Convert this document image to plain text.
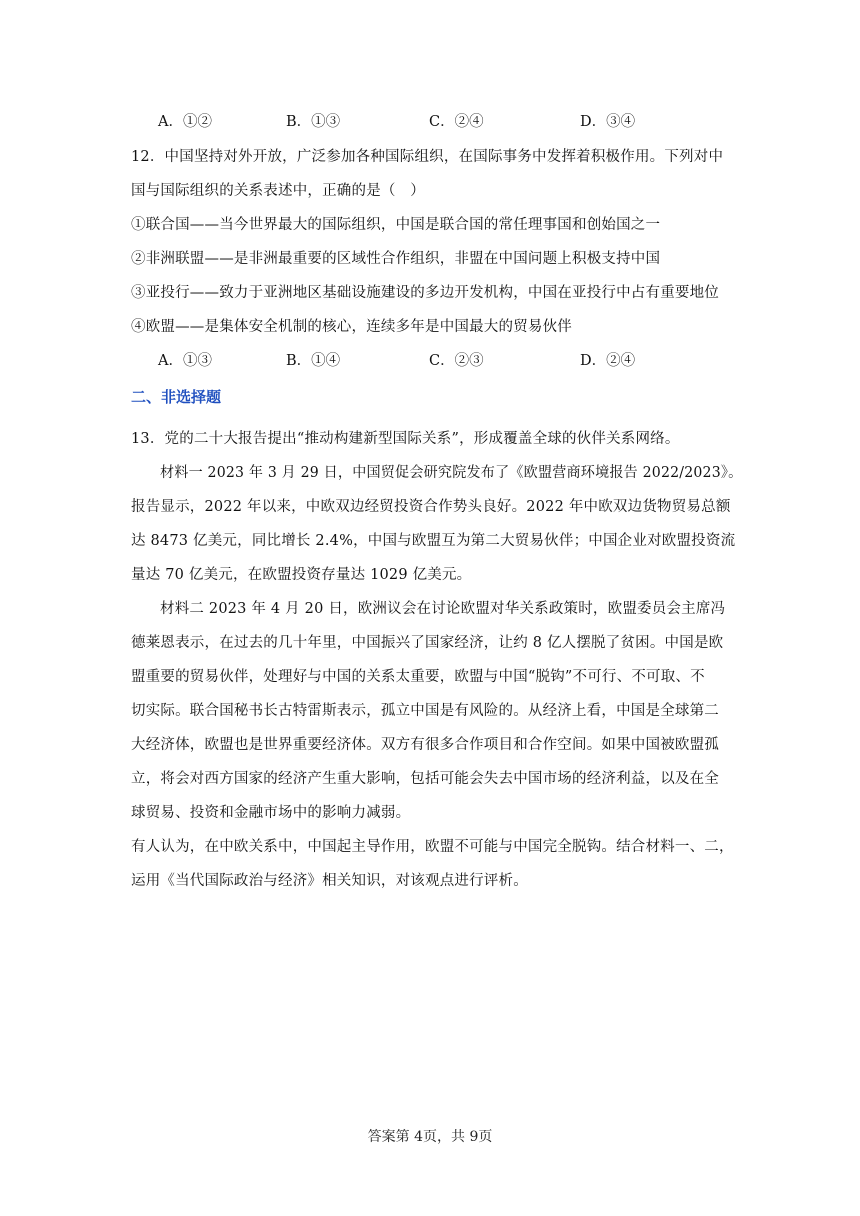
A．①②	B．①③	C．②④	D．③④
12．中国坚持对外开放，广泛参加各种国际组织，在国际事务中发挥着积极作用。下列对中
国与国际组织的关系表述中，正确的是（　）
①联合国——当今世界最大的国际组织，中国是联合国的常任理事国和创始国之一
②非洲联盟——是非洲最重要的区域性合作组织，非盟在中国问题上积极支持中国
③亚投行——致力于亚洲地区基础设施建设的多边开发机构，中国在亚投行中占有重要地位
④欧盟——是集体安全机制的核心，连续多年是中国最大的贸易伙伴
A．①③	B．①④	C．②③	D．②④
二、非选择题
13．党的二十大报告提出“推动构建新型国际关系”，形成覆盖全球的伙伴关系网络。
材料一 2023 年 3 月 29 日，中国贸促会研究院发布了《欧盟营商环境报告 2022/2023》。
报告显示，2022 年以来，中欧双边经贸投资合作势头良好。2022 年中欧双边货物贸易总额
达 8473 亿美元，同比增长 2.4%，中国与欧盟互为第二大贸易伙伴；中国企业对欧盟投资流
量达 70 亿美元，在欧盟投资存量达 1029 亿美元。
材料二 2023 年 4 月 20 日，欧洲议会在讨论欧盟对华关系政策时，欧盟委员会主席冯
德莱恩表示，在过去的几十年里，中国振兴了国家经济，让约 8 亿人摆脱了贫困。中国是欧
盟重要的贸易伙伴，处理好与中国的关系太重要，欧盟与中国“脱钩”不可行、不可取、不
切实际。联合国秘书长古特雷斯表示，孤立中国是有风险的。从经济上看，中国是全球第二
大经济体，欧盟也是世界重要经济体。双方有很多合作项目和合作空间。如果中国被欧盟孤
立，将会对西方国家的经济产生重大影响，包括可能会失去中国市场的经济利益，以及在全
球贸易、投资和金融市场中的影响力减弱。
有人认为，在中欧关系中，中国起主导作用，欧盟不可能与中国完全脱钩。结合材料一、二，
运用《当代国际政治与经济》相关知识，对该观点进行评析。
答案第 4页，共 9页
